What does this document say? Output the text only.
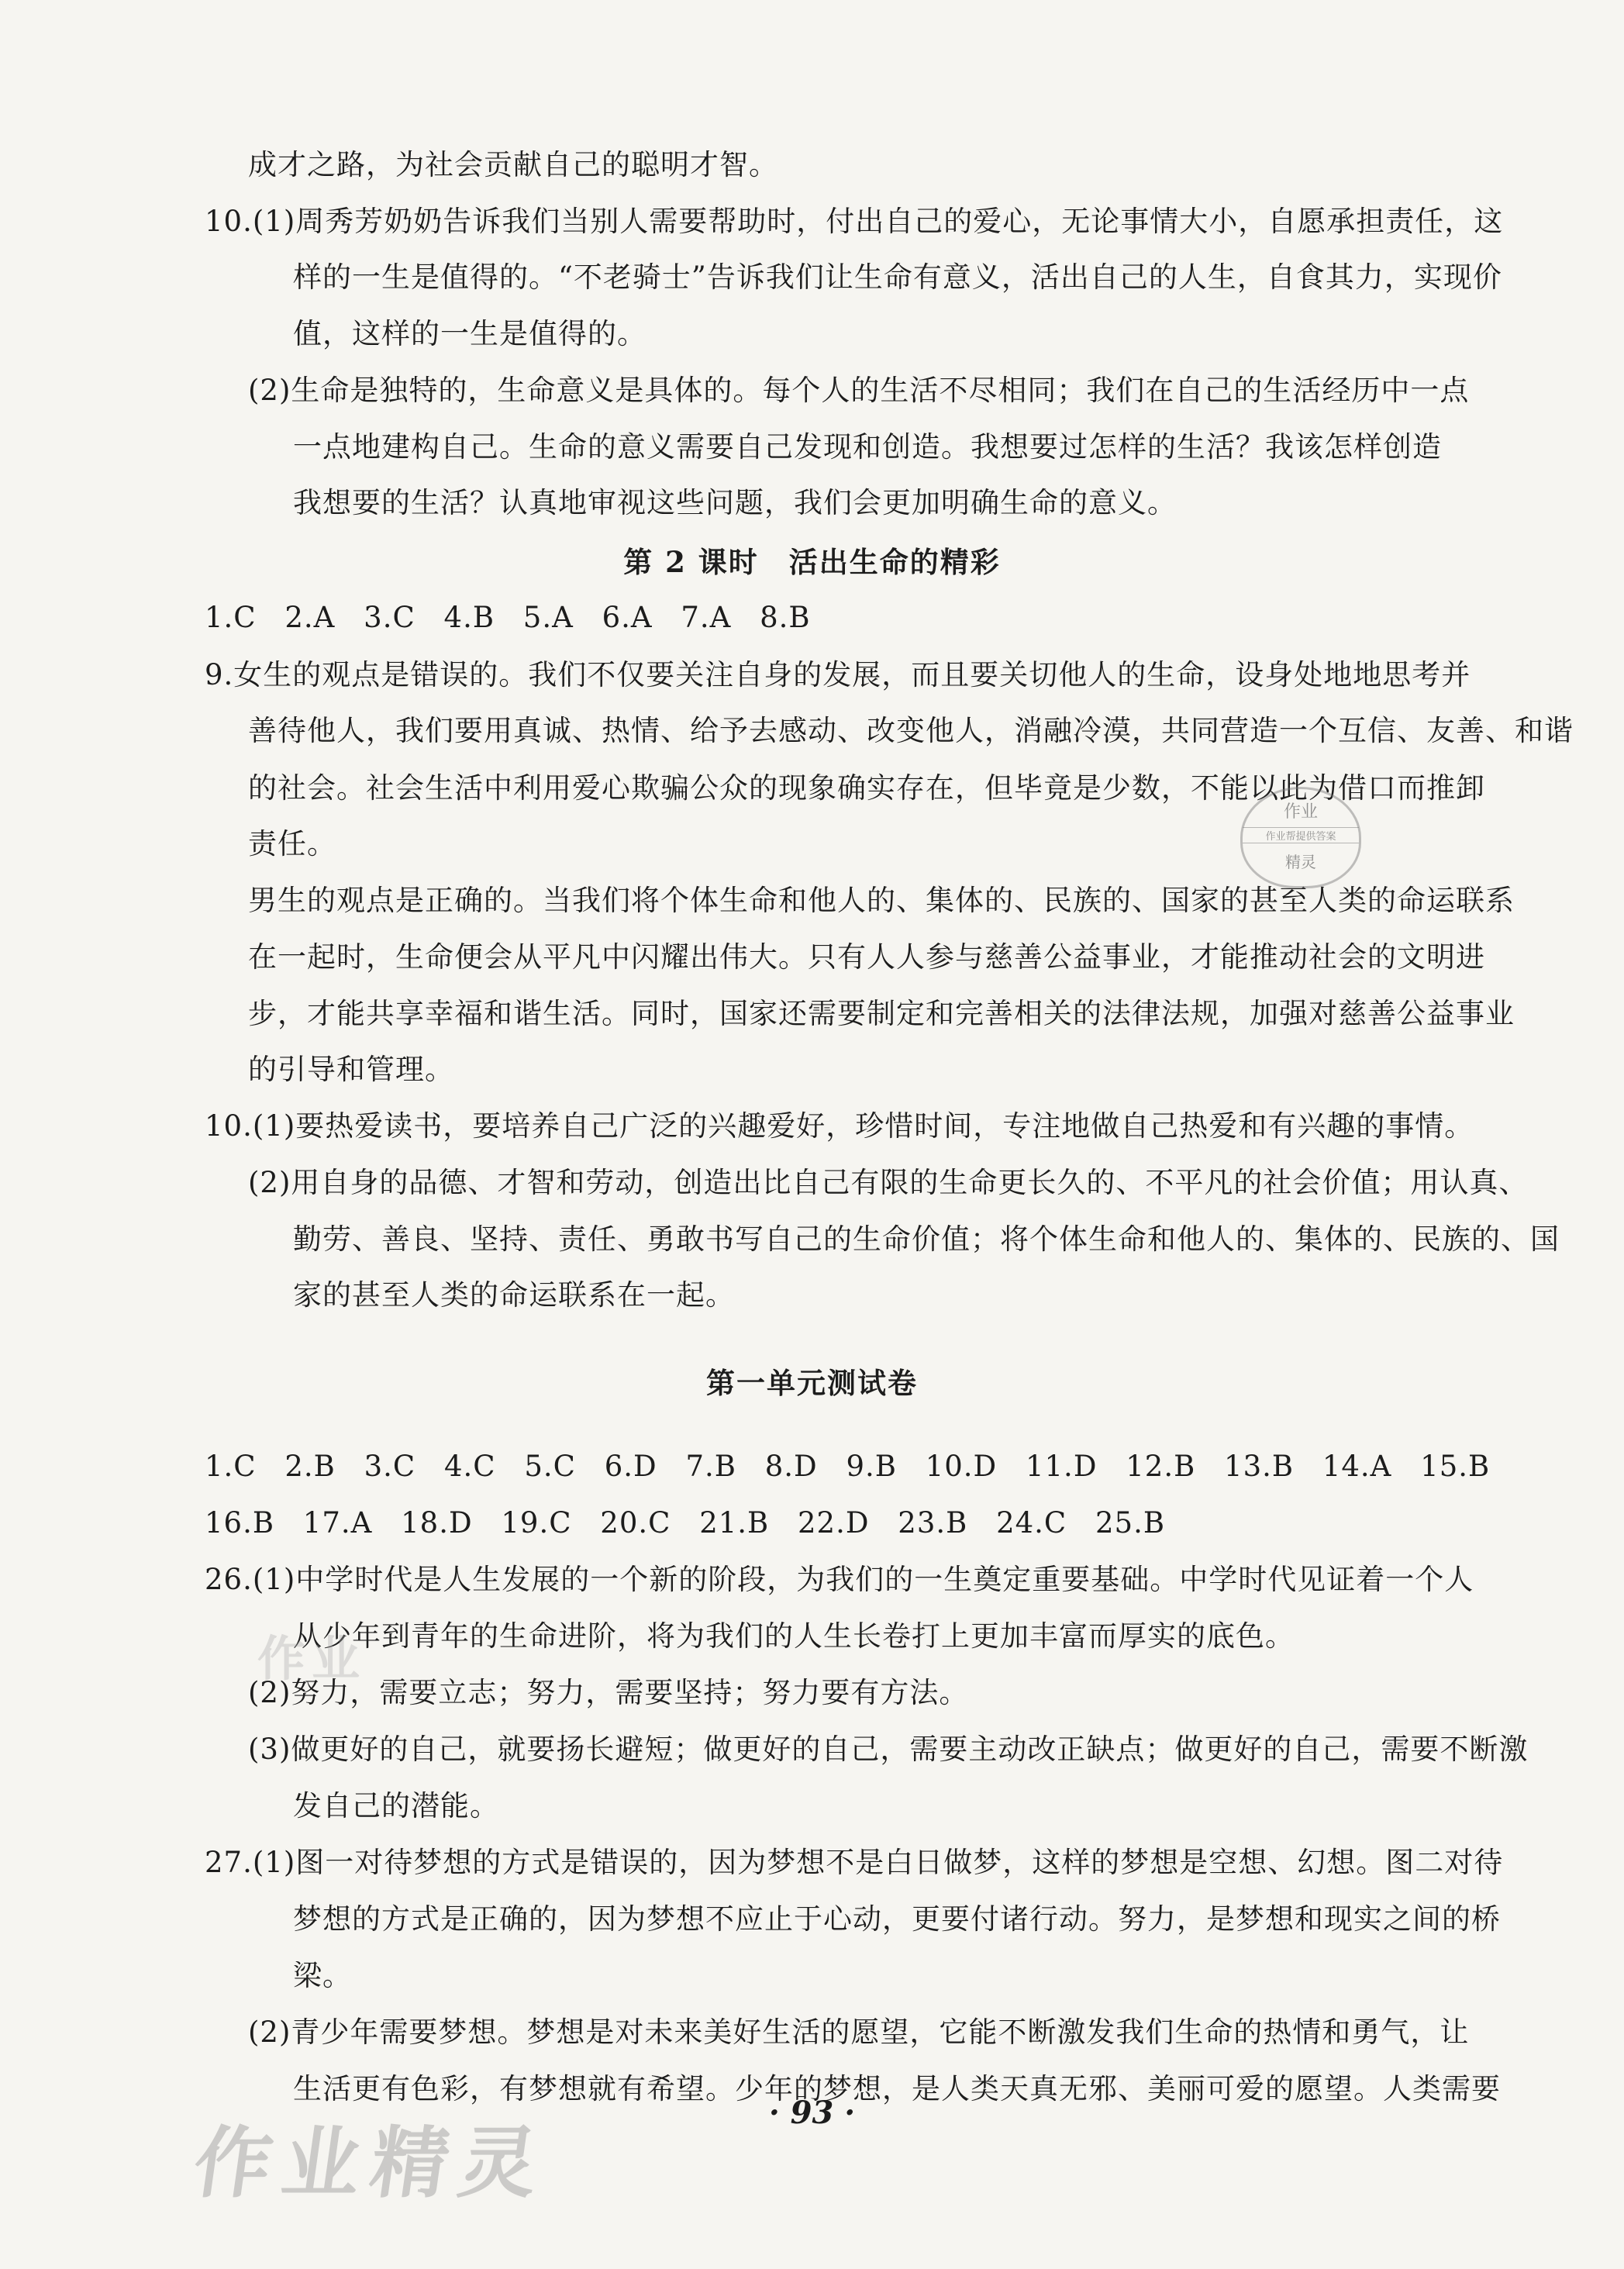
成才之路，为社会贡献自己的聪明才智。
10.(1)周秀芳奶奶告诉我们当别人需要帮助时，付出自己的爱心，无论事情大小，自愿承担责任，这
样的一生是值得的。“不老骑士”告诉我们让生命有意义，活出自己的人生，自食其力，实现价
值，这样的一生是值得的。
(2)生命是独特的，生命意义是具体的。每个人的生活不尽相同；我们在自己的生活经历中一点
一点地建构自己。生命的意义需要自己发现和创造。我想要过怎样的生活？我该怎样创造
我想要的生活？认真地审视这些问题，我们会更加明确生命的意义。
第 2 课时　活出生命的精彩
1.C 2.A 3.C 4.B 5.A 6.A 7.A 8.B
9.女生的观点是错误的。我们不仅要关注自身的发展，而且要关切他人的生命，设身处地地思考并
善待他人，我们要用真诚、热情、给予去感动、改变他人，消融冷漠，共同营造一个互信、友善、和谐
的社会。社会生活中利用爱心欺骗公众的现象确实存在，但毕竟是少数，不能以此为借口而推卸
责任。
男生的观点是正确的。当我们将个体生命和他人的、集体的、民族的、国家的甚至人类的命运联系
在一起时，生命便会从平凡中闪耀出伟大。只有人人参与慈善公益事业，才能推动社会的文明进
步，才能共享幸福和谐生活。同时，国家还需要制定和完善相关的法律法规，加强对慈善公益事业
的引导和管理。
10.(1)要热爱读书，要培养自己广泛的兴趣爱好，珍惜时间，专注地做自己热爱和有兴趣的事情。
(2)用自身的品德、才智和劳动，创造出比自己有限的生命更长久的、不平凡的社会价值；用认真、
勤劳、善良、坚持、责任、勇敢书写自己的生命价值；将个体生命和他人的、集体的、民族的、国
家的甚至人类的命运联系在一起。
第一单元测试卷
1.C 2.B 3.C 4.C 5.C 6.D 7.B 8.D 9.B 10.D 11.D 12.B 13.B 14.A 15.B
16.B 17.A 18.D 19.C 20.C 21.B 22.D 23.B 24.C 25.B
26.(1)中学时代是人生发展的一个新的阶段，为我们的一生奠定重要基础。中学时代见证着一个人
从少年到青年的生命进阶，将为我们的人生长卷打上更加丰富而厚实的底色。
(2)努力，需要立志；努力，需要坚持；努力要有方法。
(3)做更好的自己，就要扬长避短；做更好的自己，需要主动改正缺点；做更好的自己，需要不断激
发自己的潜能。
27.(1)图一对待梦想的方式是错误的，因为梦想不是白日做梦，这样的梦想是空想、幻想。图二对待
梦想的方式是正确的，因为梦想不应止于心动，更要付诸行动。努力，是梦想和现实之间的桥
梁。
(2)青少年需要梦想。梦想是对未来美好生活的愿望，它能不断激发我们生命的热情和勇气，让
生活更有色彩，有梦想就有希望。少年的梦想，是人类天真无邪、美丽可爱的愿望。人类需要
· 93 ·
作业
作业帮提供答案
精灵
作业
作业精灵
